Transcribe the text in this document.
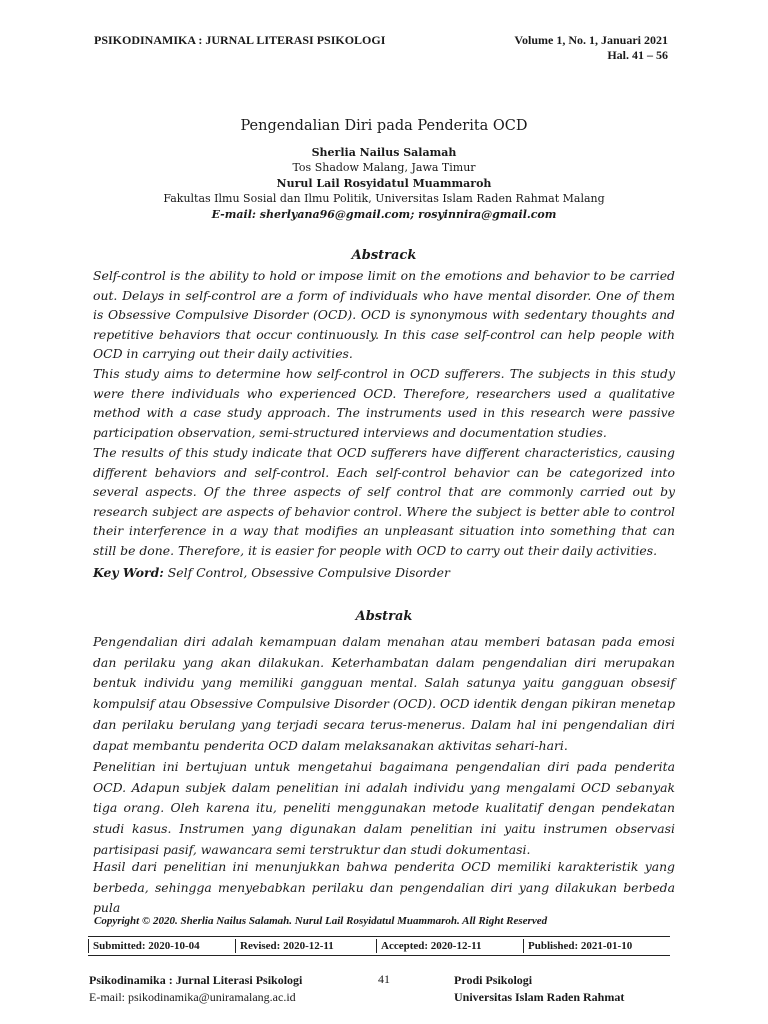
PSIKODINAMIKA : JURNAL LITERASI PSIKOLOGI	Volume 1, No. 1, Januari 2021
Hal. 41 – 56
Pengendalian Diri pada Penderita OCD
Sherlia Nailus Salamah
Tos Shadow Malang, Jawa Timur
Nurul Lail Rosyidatul Muammaroh
Fakultas Ilmu Sosial dan Ilmu Politik, Universitas Islam Raden Rahmat Malang
E-mail: sherlyana96@gmail.com; rosyinnira@gmail.com
Abstrack

Self-control is the ability to hold or impose limit on the emotions and behavior to be carried out. Delays in self-control are a form of individuals who have mental disorder. One of them is Obsessive Compulsive Disorder (OCD). OCD is synonymous with sedentary thoughts and repetitive behaviors that occur continuously. In this case self-control can help people with OCD in carrying out their daily activities.

This study aims to determine how self-control in OCD sufferers. The subjects in this study were there individuals who experienced OCD. Therefore, researchers used a qualitative method with a case study approach. The instruments used in this research were passive participation observation, semi-structured interviews and documentation studies.

The results of this study indicate that OCD sufferers have different characteristics, causing different behaviors and self-control. Each self-control behavior can be categorized into several aspects. Of the three aspects of self control that are commonly carried out by research subject are aspects of behavior control. Where the subject is better able to control their interference in a way that modifies an unpleasant situation into something that can still be done. Therefore, it is easier for people with OCD to carry out their daily activities.

Key Word: Self Control, Obsessive Compulsive Disorder

Abstrak

Pengendalian diri adalah kemampuan dalam menahan atau memberi batasan pada emosi dan perilaku yang akan dilakukan. Keterhambatan dalam pengendalian diri merupakan bentuk individu yang memiliki gangguan mental. Salah satunya yaitu gangguan obsesif kompulsif atau Obsessive Compulsive Disorder (OCD). OCD identik dengan pikiran menetap dan perilaku berulang yang terjadi secara terus-menerus. Dalam hal ini pengendalian diri dapat membantu penderita OCD dalam melaksanakan aktivitas sehari-hari.

Penelitian ini bertujuan untuk mengetahui bagaimana pengendalian diri pada penderita OCD. Adapun subjek dalam penelitian ini adalah individu yang mengalami OCD sebanyak tiga orang. Oleh karena itu, peneliti menggunakan metode kualitatif dengan pendekatan studi kasus. Instrumen yang digunakan dalam penelitian ini yaitu instrumen observasi partisipasi pasif, wawancara semi terstruktur dan studi dokumentasi.

Hasil dari penelitian ini menunjukkan bahwa penderita OCD memiliki karakteristik yang berbeda, sehingga menyebabkan perilaku dan pengendalian diri yang dilakukan berbeda pula

Copyright © 2020. Sherlia Nailus Salamah. Nurul Lail Rosyidatul Muammaroh. All Right Reserved
Submitted: 2020-10-04	Revised: 2020-12-11	Accepted: 2020-12-11	Published: 2021-01-10
Psikodinamika : Jurnal Literasi Psikologi
E-mail: psikodinamika@uniramalang.ac.id
41	Prodi Psikologi
Universitas Islam Raden Rahmat
